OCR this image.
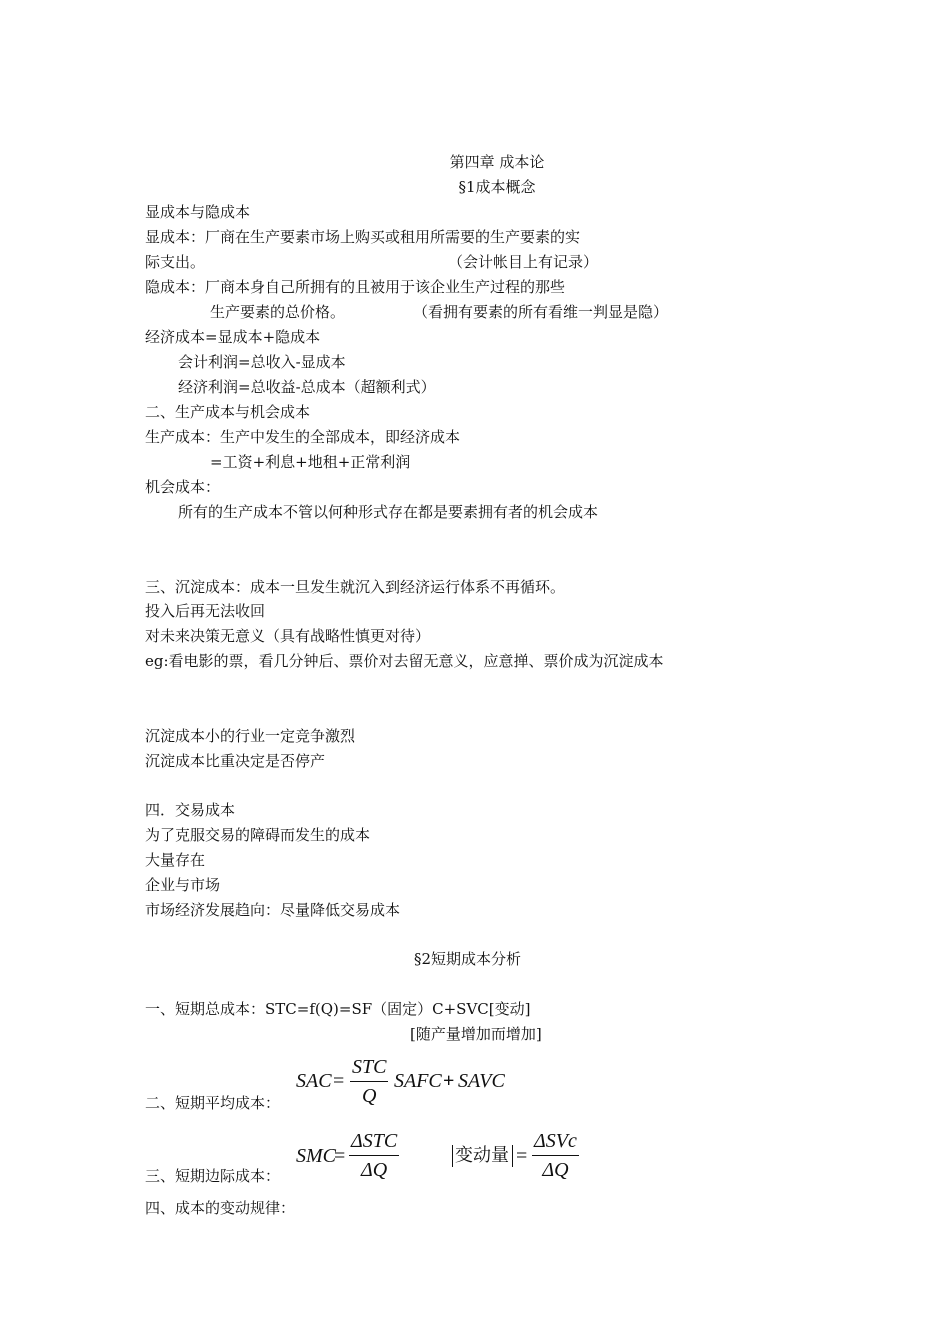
第四章 成本论
§1成本概念
显成本与隐成本
显成本：厂商在生产要素市场上购买或租用所需要的生产要素的实
际支出。	（会计帐目上有记录）
隐成本：厂商本身自己所拥有的且被用于该企业生产过程的那些
生产要素的总价格。	（看拥有要素的所有看维一判显是隐）
经济成本=显成本+隐成本
会计利润=总收入-显成本
经济利润=总收益-总成本（超额利式）
二、生产成本与机会成本
生产成本：生产中发生的全部成本，即经济成本
=工资+利息+地租+正常利润
机会成本：
所有的生产成本不管以何种形式存在都是要素拥有者的机会成本
三、沉淀成本：成本一旦发生就沉入到经济运行体系不再循环。
投入后再无法收回
对未来决策无意义（具有战略性慎更对待）
eg:看电影的票，看几分钟后、票价对去留无意义，应意掸、票价成为沉淀成本
沉淀成本小的行业一定竞争激烈
沉淀成本比重决定是否停产
四．交易成本
为了克服交易的障碍而发生的成本
大量存在
企业与市场
市场经济发展趋向：尽量降低交易成本
§2短期成本分析
一、短期总成本：STC=f(Q)=SF（固定）C+SVC[变动]
[随产量增加而增加]
二、短期平均成本：
SAC =
STC
Q
SAFC + SAVC
三、短期边际成本：
SMC
=
ΔSTC
ΔQ
变动量 =
ΔSVc
ΔQ
四、成本的变动规律：
